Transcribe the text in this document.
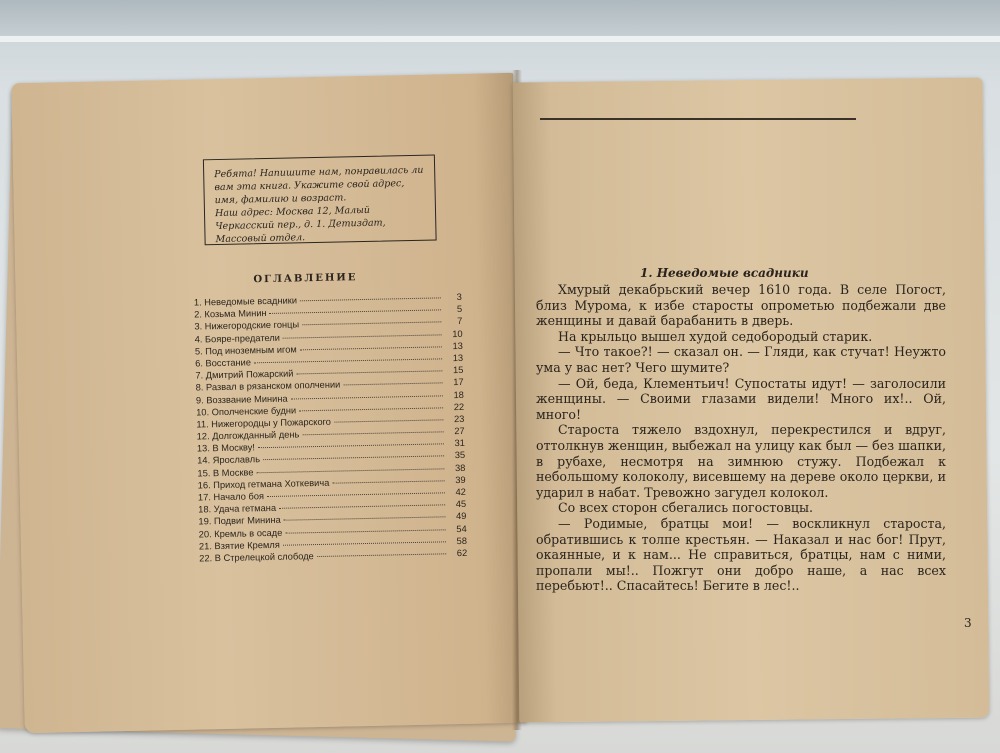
Ребята! Напишите нам, понравилась ли вам эта книга. Укажите свой адрес, имя, фамилию и возраст.

Наш адрес: Москва 12, Малый Черкасский пер., д. 1. Детиздат, Массовый отдел.

ОГЛАВЛЕНИЕ
1. Неведомые всадники	3
2. Козьма Минин	5
3. Нижегородские гонцы	7
4. Бояре-предатели	10
5. Под иноземным игом	13
6. Восстание	13
7. Дмитрий Пожарский	15
8. Развал в рязанском ополчении	17
9. Воззвание Минина	18
10. Ополченские будни	22
11. Нижегородцы у Пожарского	23
12. Долгожданный день	27
13. В Москву!	31
14. Ярославль	35
15. В Москве	38
16. Приход гетмана Хоткевича	39
17. Начало боя	42
18. Удача гетмана	45
19. Подвиг Минина	49
20. Кремль в осаде	54
21. Взятие Кремля	58
22. В Стрелецкой слободе	62
1. Неведомые всадники

Хмурый декабрьский вечер 1610 года. В селе Погост, близ Мурома, к избе старосты опрометью подбежали две женщины и давай барабанить в дверь.

На крыльцо вышел худой седобородый старик.

— Что такое?! — сказал он. — Гляди, как стучат! Неужто ума у вас нет? Чего шумите?

— Ой, беда, Клементьич! Супостаты идут! — заголосили женщины. — Своими глазами видели! Много их!.. Ой, много!

Староста тяжело вздохнул, перекрестился и вдруг, оттолкнув женщин, выбежал на улицу как был — без шапки, в рубахе, несмотря на зимнюю стужу. Подбежал к небольшому колоколу, висевшему на дереве около церкви, и ударил в набат. Тревожно загудел колокол.

Со всех сторон сбегались погостовцы.

— Родимые, братцы мои! — воскликнул староста, обратившись к толпе крестьян. — Наказал и нас бог! Прут, окаянные, и к нам... Не справиться, братцы, нам с ними, пропали мы!.. Пожгут они добро наше, а нас всех перебьют!.. Спасайтесь! Бегите в лес!..

3
